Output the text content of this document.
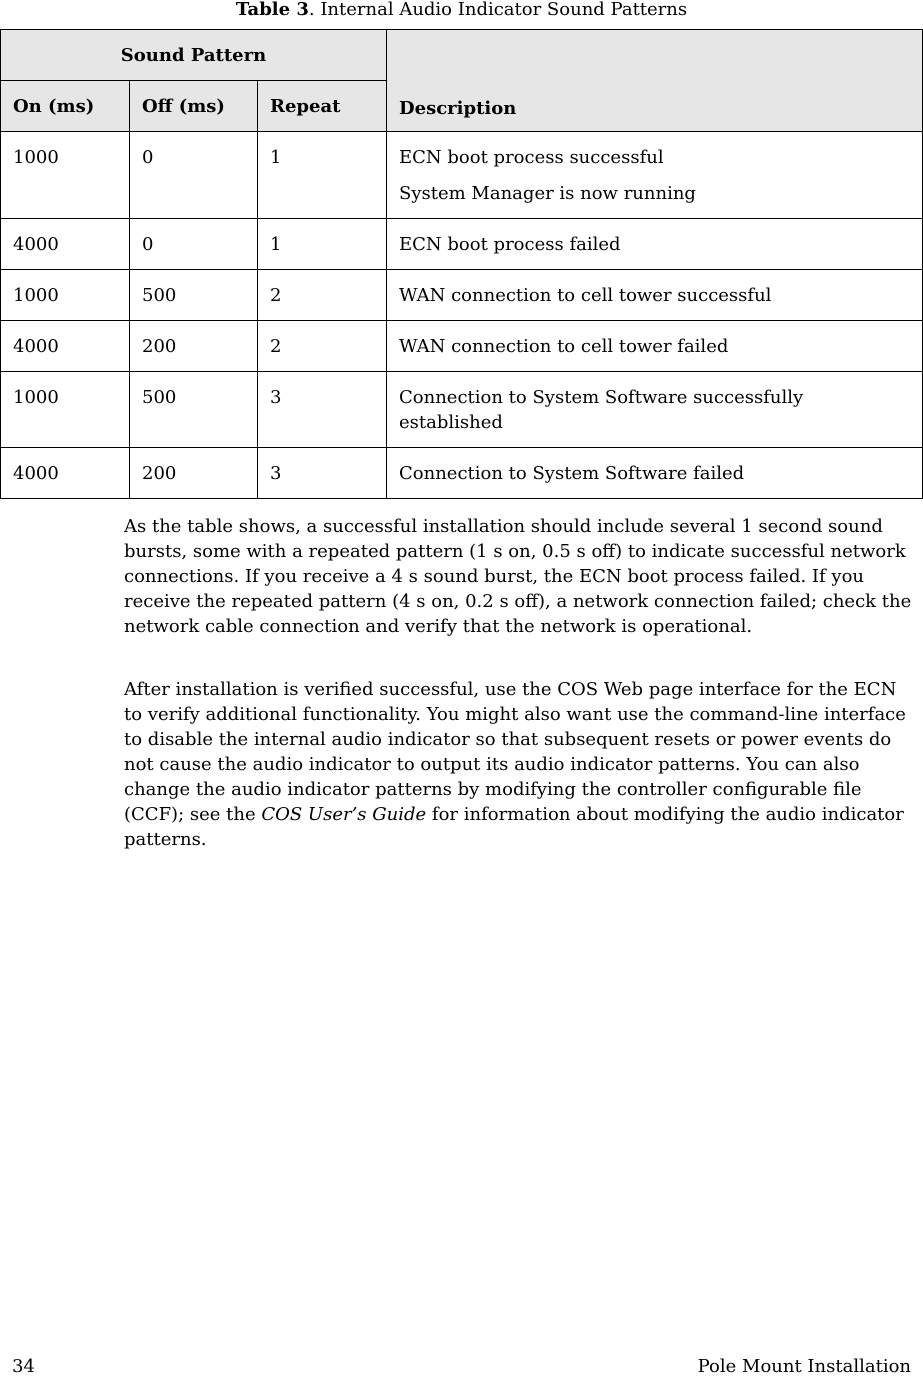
Table 3. Internal Audio Indicator Sound Patterns
Sound Pattern			Description
On (ms)	Off (ms)	Repeat	
1000	0	1	ECN boot process successful
System Manager is now running

4000	0	1	ECN boot process failed

1000	500	2	WAN connection to cell tower successful

4000	200	2	WAN connection to cell tower failed

1000	500	3	Connection to System Software successfully established

4000	200	3	Connection to System Software failed
As the table shows, a successful installation should include several 1 second sound bursts, some with a repeated pattern (1 s on, 0.5 s off) to indicate successful network connections. If you receive a 4 s sound burst, the ECN boot process failed. If you receive the repeated pattern (4 s on, 0.2 s off), a network connection failed; check the network cable connection and verify that the network is operational.
After installation is verified successful, use the COS Web page interface for the ECN to verify additional functionality. You might also want use the command-line interface to disable the internal audio indicator so that subsequent resets or power events do not cause the audio indicator to output its audio indicator patterns. You can also change the audio indicator patterns by modifying the controller configurable file (CCF); see the COS User’s Guide for information about modifying the audio indicator patterns.
34	Pole Mount Installation
